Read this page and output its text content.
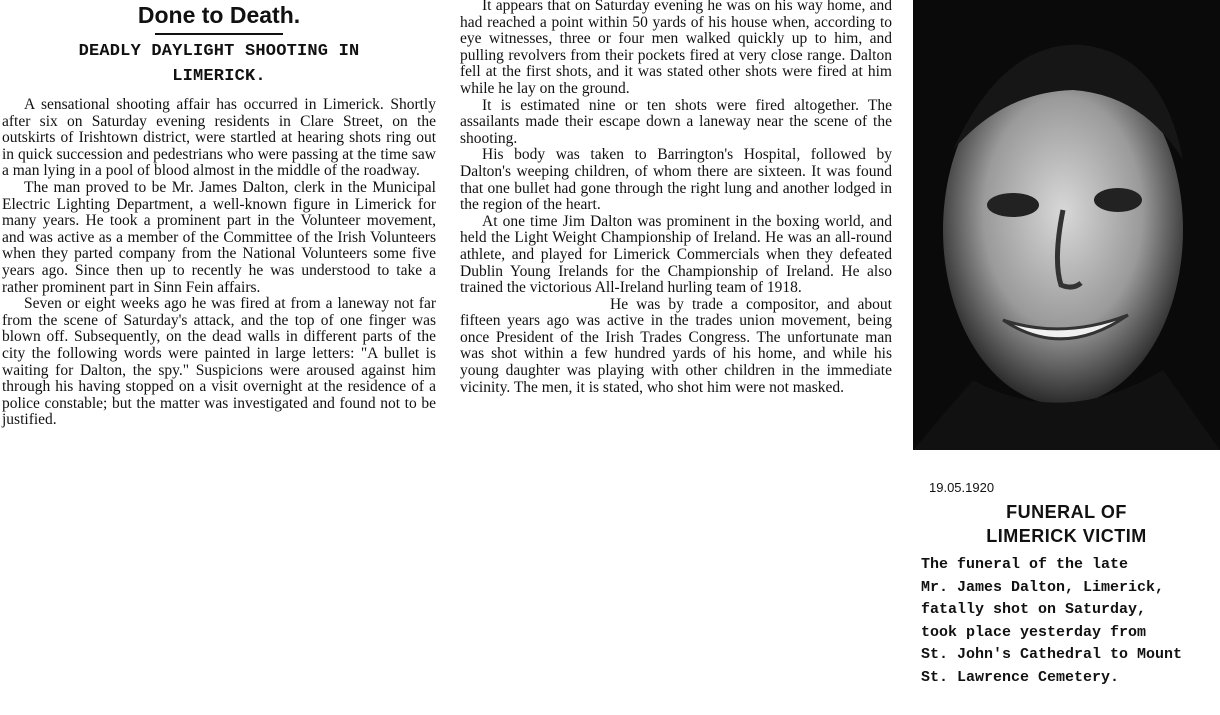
Done to Death.
DEADLY DAYLIGHT SHOOTING IN
LIMERICK.

A sensational shooting affair has occurred in Limerick. Shortly after six on Saturday evening residents in Clare Street, on the outskirts of Irishtown district, were startled at hearing shots ring out in quick succession and pedestrians who were passing at the time saw a man lying in a pool of blood almost in the middle of the roadway.

The man proved to be Mr. James Dalton, clerk in the Municipal Electric Lighting Department, a well-known figure in Limerick for many years. He took a prominent part in the Volunteer movement, and was active as a member of the Committee of the Irish Volunteers when they parted company from the National Volunteers some five years ago. Since then up to recently he was understood to take a rather prominent part in Sinn Fein affairs.

Seven or eight weeks ago he was fired at from a laneway not far from the scene of Saturday's attack, and the top of one finger was blown off. Subsequently, on the dead walls in different parts of the city the following words were painted in large letters: "A bullet is waiting for Dalton, the spy." Suspicions were aroused against him through his having stopped on a visit overnight at the residence of a police constable; but the matter was investigated and found not to be justified.

It appears that on Saturday evening he was on his way home, and had reached a point within 50 yards of his house when, according to eye witnesses, three or four men walked quickly up to him, and pulling revolvers from their pockets fired at very close range. Dalton fell at the first shots, and it was stated other shots were fired at him while he lay on the ground.

It is estimated nine or ten shots were fired altogether. The assailants made their escape down a laneway near the scene of the shooting.

His body was taken to Barrington's Hospital, followed by Dalton's weeping children, of whom there are sixteen. It was found that one bullet had gone through the right lung and another lodged in the region of the heart.

At one time Jim Dalton was prominent in the boxing world, and held the Light Weight Championship of Ireland. He was an all-round athlete, and played for Limerick Commercials when they defeated Dublin Young Irelands for the Championship of Ireland. He also trained the victorious All-Ireland hurling team of 1918.

He was by trade a compositor, and about fifteen years ago was active in the trades union movement, being once President of the Irish Trades Congress. The unfortunate man was shot within a few hundred yards of his home, and while his young daughter was playing with other children in the immediate vicinity. The men, it is stated, who shot him were not masked.

19.05.1920
FUNERAL OF
LIMERICK VICTIM
The funeral of the late
Mr. James Dalton, Limerick,
fatally shot on Saturday,
took place yesterday from
St. John's Cathedral to Mount
St. Lawrence Cemetery.
